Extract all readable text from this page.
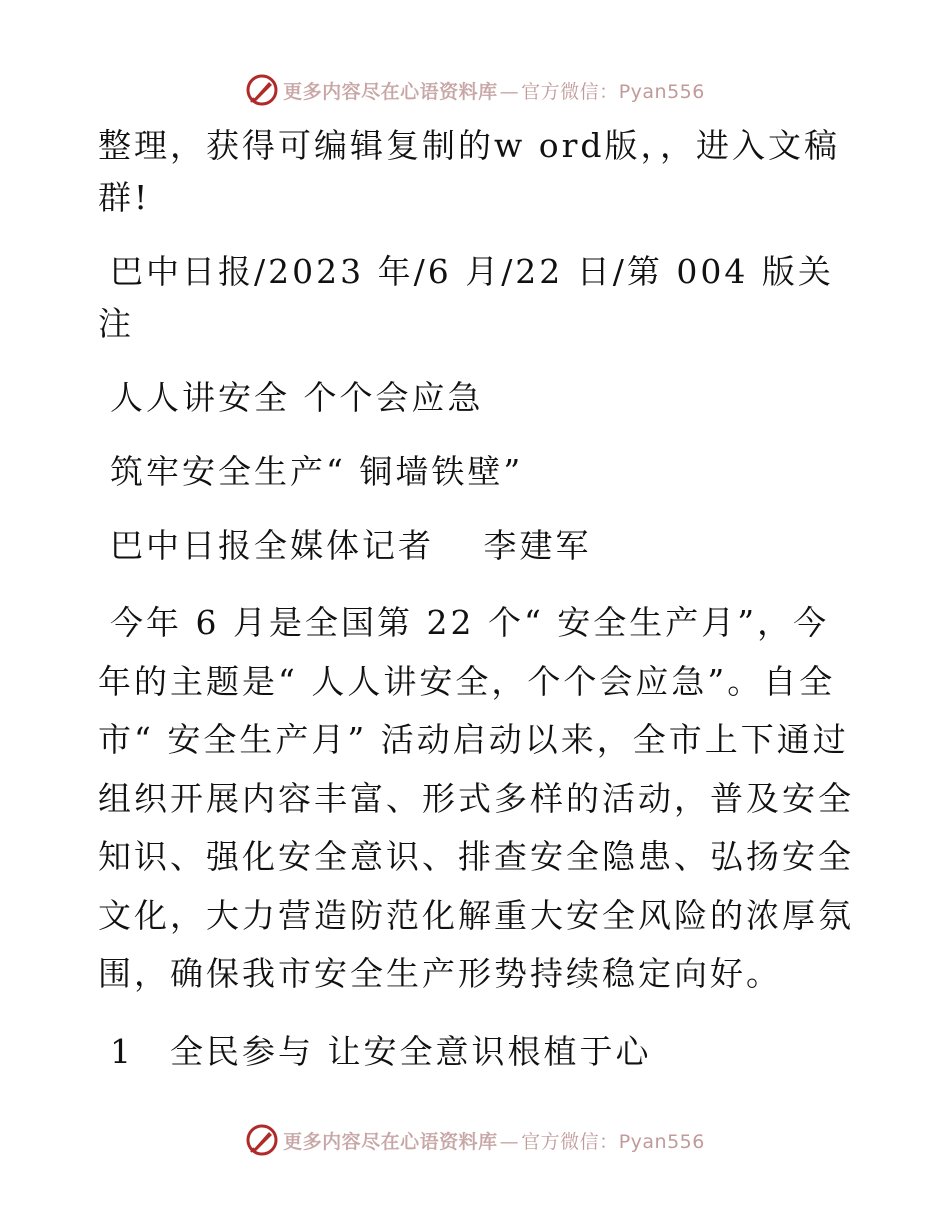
更多内容尽在心语资料库 — 官方微信：Pyan556

整理，获得可编辑复制的w ord版，，进入文稿群!

巴中日报/2023 年/6 月/22 日/第 004 版关注

人人讲安全 个个会应急

筑牢安全生产“ 铜墙铁壁”

巴中日报全媒体记者 　李建军

今年 6 月是全国第 22 个“ 安全生产月”，今年的主题是“ 人人讲安全，个个会应急”。自全市“ 安全生产月” 活动启动以来，全市上下通过组织开展内容丰富、形式多样的活动，普及安全知识、强化安全意识、排查安全隐患、弘扬安全文化，大力营造防范化解重大安全风险的浓厚氛围，确保我市安全生产形势持续稳定向好。

1　全民参与 让安全意识根植于心

更多内容尽在心语资料库 — 官方微信：Pyan556
